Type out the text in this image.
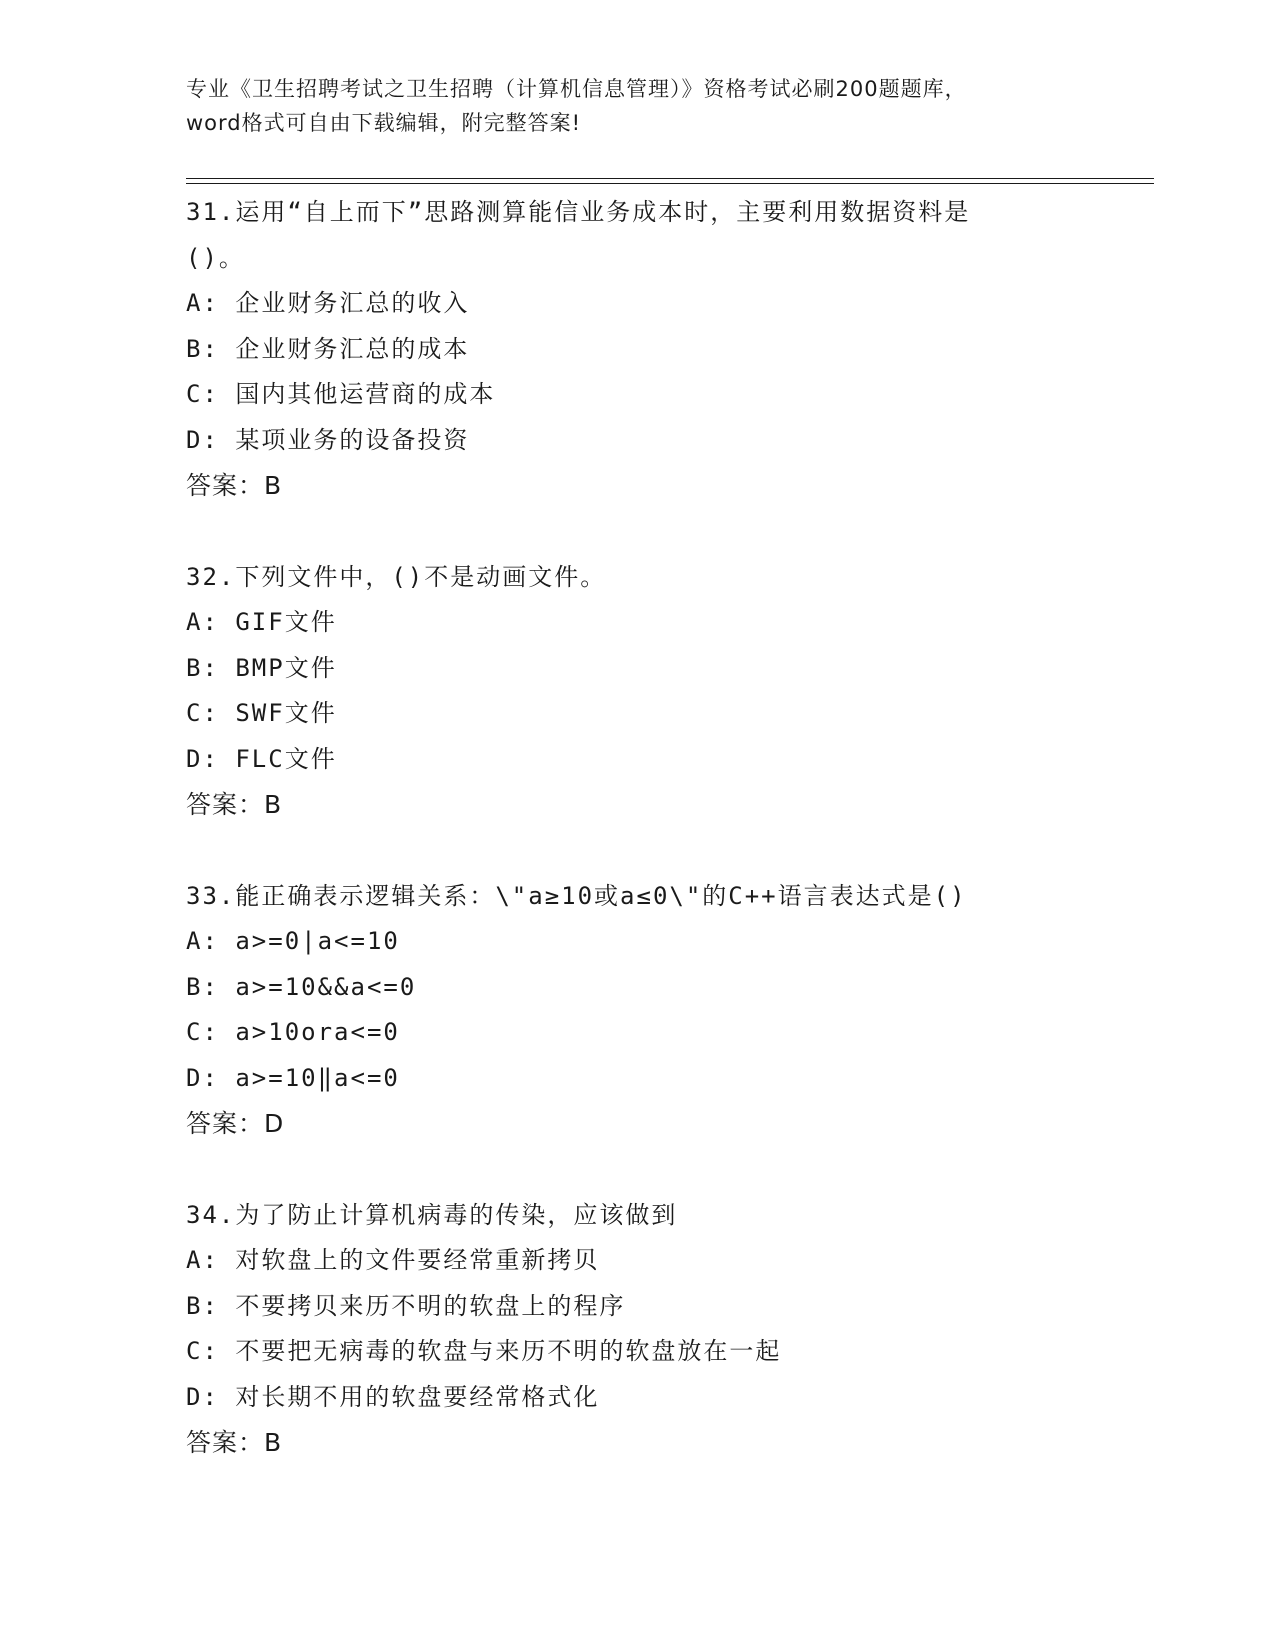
专业《卫生招聘考试之卫生招聘（计算机信息管理）》资格考试必刷200题题库，
word格式可自由下载编辑，附完整答案!
31.运用“自上而下”思路测算能信业务成本时，主要利用数据资料是
()。
A: 企业财务汇总的收入
B: 企业财务汇总的成本
C: 国内其他运营商的成本
D: 某项业务的设备投资
答案：B
32.下列文件中，()不是动画文件。
A: GIF文件
B: BMP文件
C: SWF文件
D: FLC文件
答案：B
33.能正确表示逻辑关系：\"a≥10或a≤0\"的C++语言表达式是()
A: a>=0|a<=10
B: a>=10&&a<=0
C: a>10ora<=0
D: a>=10‖a<=0
答案：D
34.为了防止计算机病毒的传染，应该做到
A: 对软盘上的文件要经常重新拷贝
B: 不要拷贝来历不明的软盘上的程序
C: 不要把无病毒的软盘与来历不明的软盘放在一起
D: 对长期不用的软盘要经常格式化
答案：B
